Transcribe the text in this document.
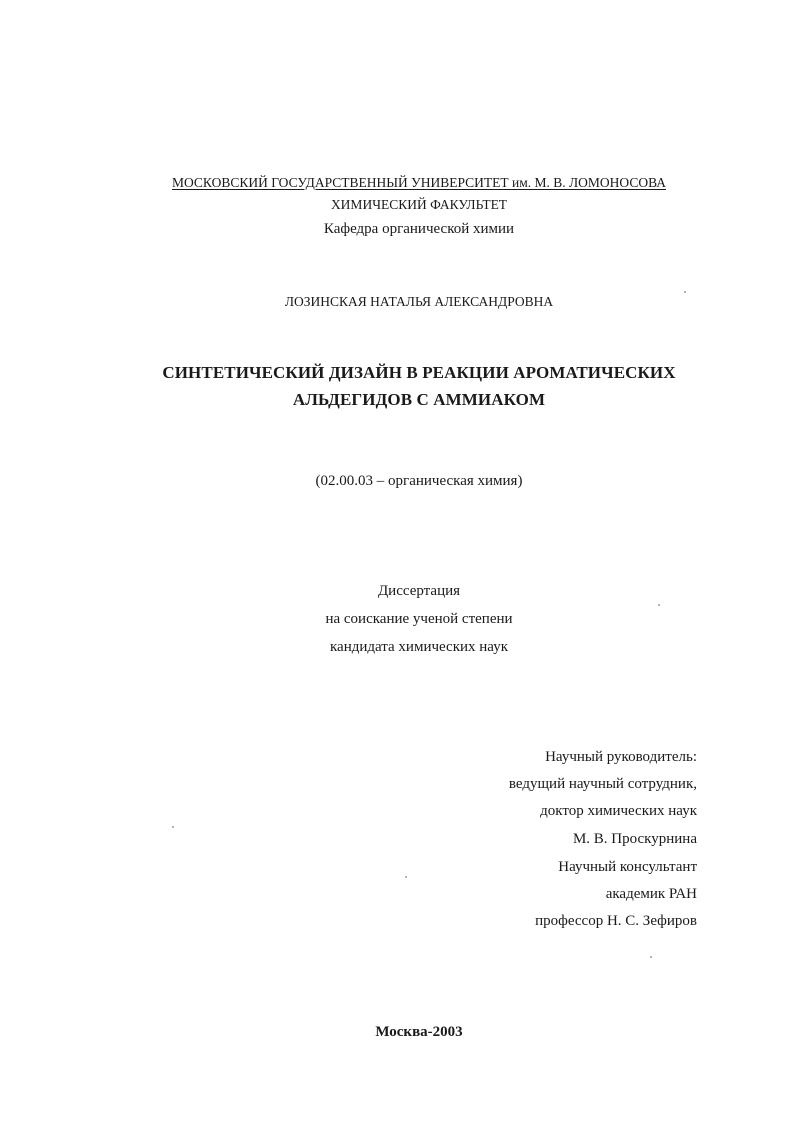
МОСКОВСКИЙ ГОСУДАРСТВЕННЫЙ УНИВЕРСИТЕТ им. М. В. ЛОМОНОСОВА
ХИМИЧЕСКИЙ ФАКУЛЬТЕТ
Кафедра органической химии
ЛОЗИНСКАЯ НАТАЛЬЯ АЛЕКСАНДРОВНА
СИНТЕТИЧЕСКИЙ ДИЗАЙН В РЕАКЦИИ АРОМАТИЧЕСКИХ
АЛЬДЕГИДОВ С АММИАКОМ
(02.00.03 – органическая химия)
Диссертация
на соискание ученой степени
кандидата химических наук
Научный руководитель:
ведущий научный сотрудник,
доктор химических наук
М. В. Проскурнина
Научный консультант
академик РАН
профессор Н. С. Зефиров
Москва-2003
